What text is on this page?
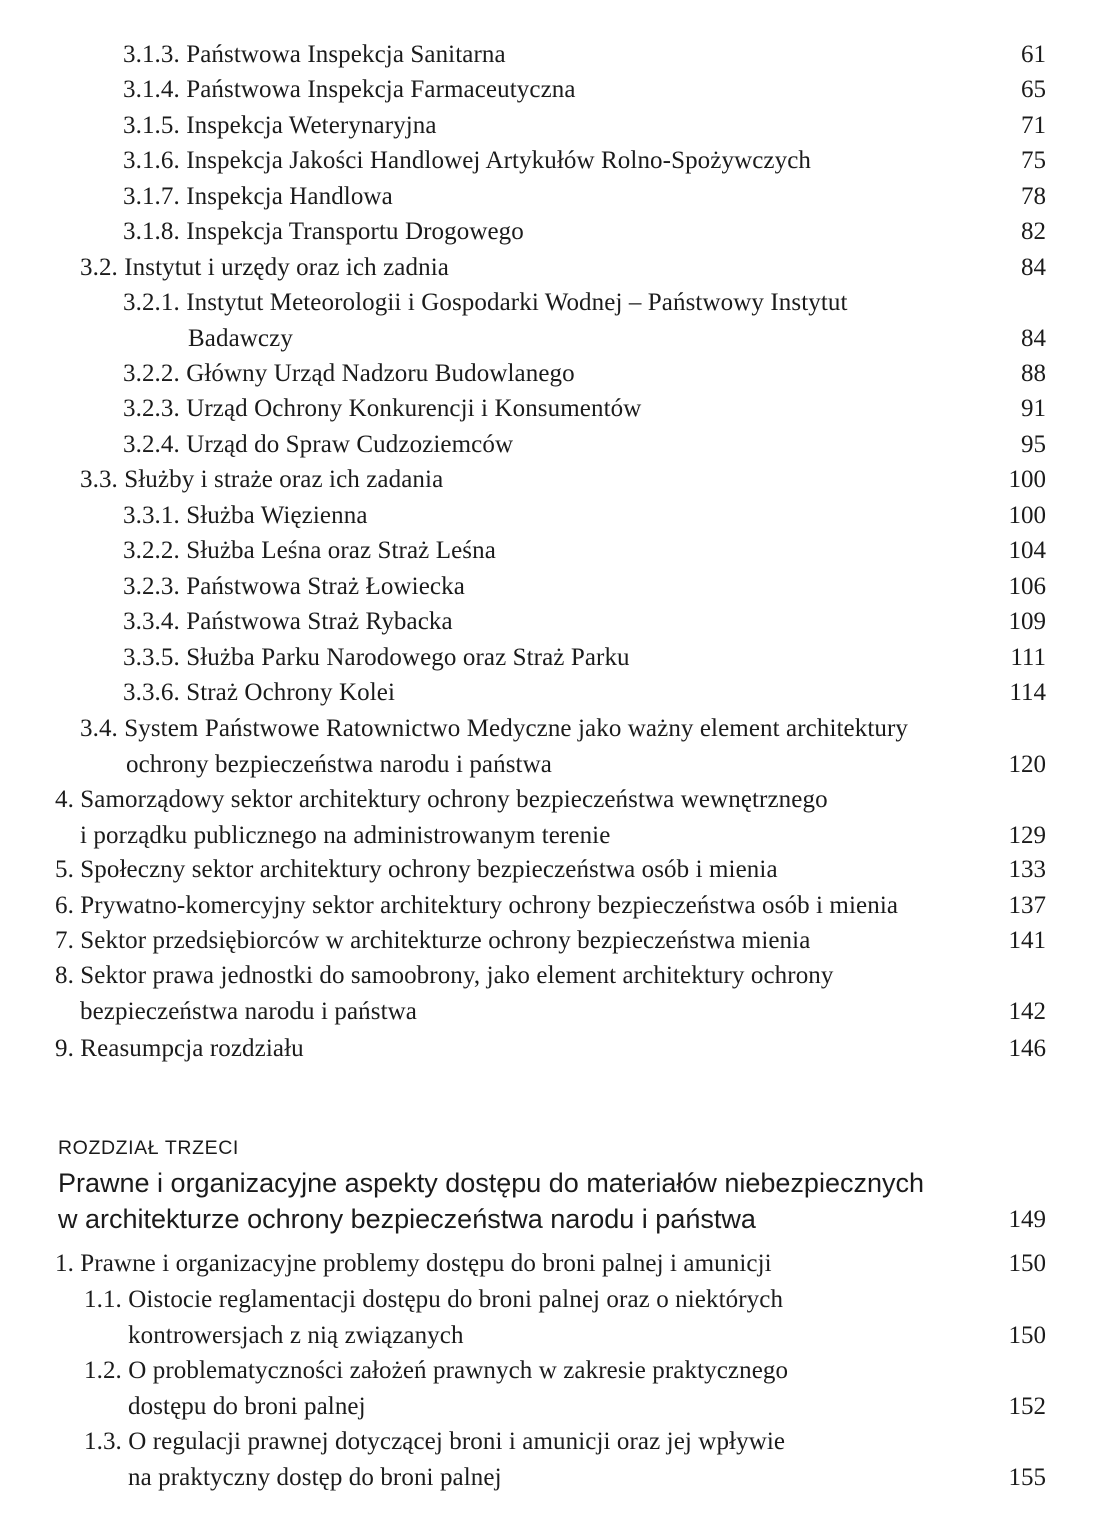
3.1.3. Państwowa Inspekcja Sanitarna	61
3.1.4. Państwowa Inspekcja Farmaceutyczna	65
3.1.5. Inspekcja Weterynaryjna	71
3.1.6. Inspekcja Jakości Handlowej Artykułów Rolno-Spożywczych	75
3.1.7. Inspekcja Handlowa	78
3.1.8. Inspekcja Transportu Drogowego	82
3.2. Instytut i urzędy oraz ich zadnia	84
3.2.1. Instytut Meteorologii i Gospodarki Wodnej – Państwowy Instytut
Badawczy	84
3.2.2. Główny Urząd Nadzoru Budowlanego	88
3.2.3. Urząd Ochrony Konkurencji i Konsumentów	91
3.2.4. Urząd do Spraw Cudzoziemców	95
3.3. Służby i straże oraz ich zadania	100
3.3.1. Służba Więzienna	100
3.2.2. Służba Leśna oraz Straż Leśna	104
3.2.3. Państwowa Straż Łowiecka	106
3.3.4. Państwowa Straż Rybacka	109
3.3.5. Służba Parku Narodowego oraz Straż Parku	111
3.3.6. Straż Ochrony Kolei	114
3.4. System Państwowe Ratownictwo Medyczne jako ważny element architektury
ochrony bezpieczeństwa narodu i państwa	120
4. Samorządowy sektor architektury ochrony bezpieczeństwa wewnętrznego
i porządku publicznego na administrowanym terenie	129
5. Społeczny sektor architektury ochrony bezpieczeństwa osób i mienia	133
6. Prywatno-komercyjny sektor architektury ochrony bezpieczeństwa osób i mienia	137
7. Sektor przedsiębiorców w architekturze ochrony bezpieczeństwa mienia	141
8. Sektor prawa jednostki do samoobrony, jako element architektury ochrony
bezpieczeństwa narodu i państwa	142
9. Reasumpcja rozdziału	146
ROZDZIAŁ TRZECI
Prawne i organizacyjne aspekty dostępu do materiałów niebezpiecznych
w architekturze ochrony bezpieczeństwa narodu i państwa	149
1. Prawne i organizacyjne problemy dostępu do broni palnej i amunicji	150
1.1. Oistocie reglamentacji dostępu do broni palnej oraz o niektórych
kontrowersjach z nią związanych	150
1.2. O problematyczności założeń prawnych w zakresie praktycznego
dostępu do broni palnej	152
1.3. O regulacji prawnej dotyczącej broni i amunicji oraz jej wpływie
na praktyczny dostęp do broni palnej	155
